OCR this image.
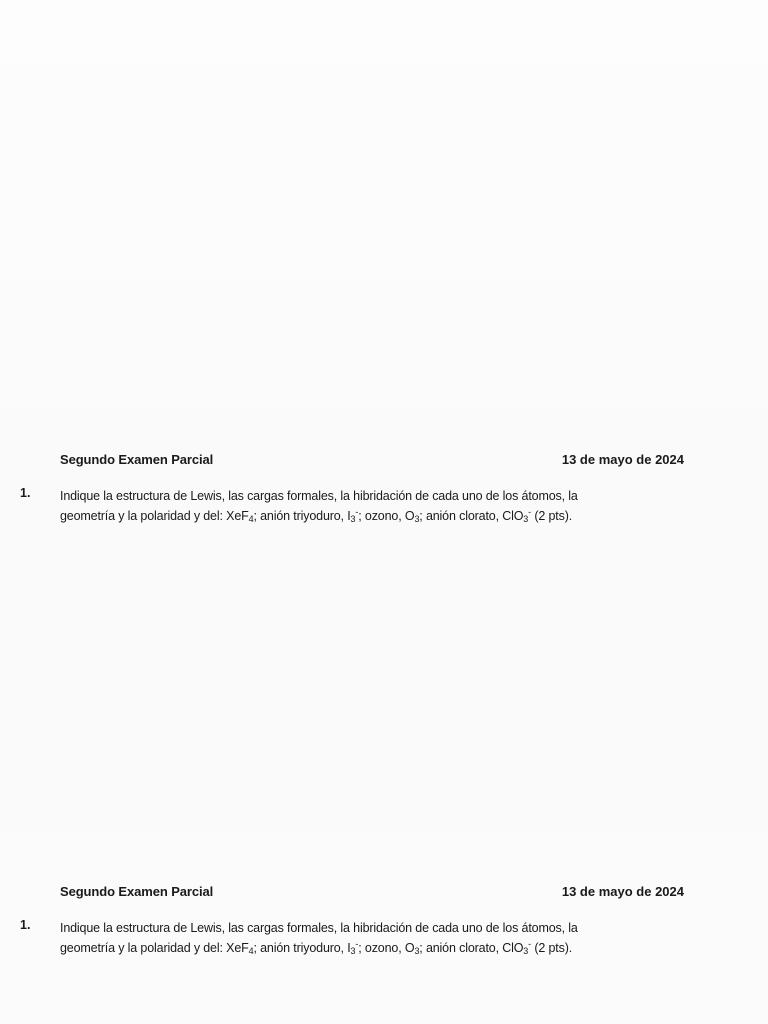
Segundo Examen Parcial	13 de mayo de 2024
1. Indique la estructura de Lewis, las cargas formales, la hibridación de cada uno de los átomos, la
geometría y la polaridad y del: XeF$_4$; anión triyoduro, $I_3^-$; ozono, $O_3$; anión clorato, ClO$_3$- (2 pts).
Segundo Examen Parcial	13 de mayo de 2024
1. Indique la estructura de Lewis, las cargas formales, la hibridación de cada uno de los átomos, la
geometría y la polaridad y del: XeF$_4$; anión triyoduro, $I_3^-$; ozono, $O_3$; anión clorato, ClO$_3$- (2 pts).
